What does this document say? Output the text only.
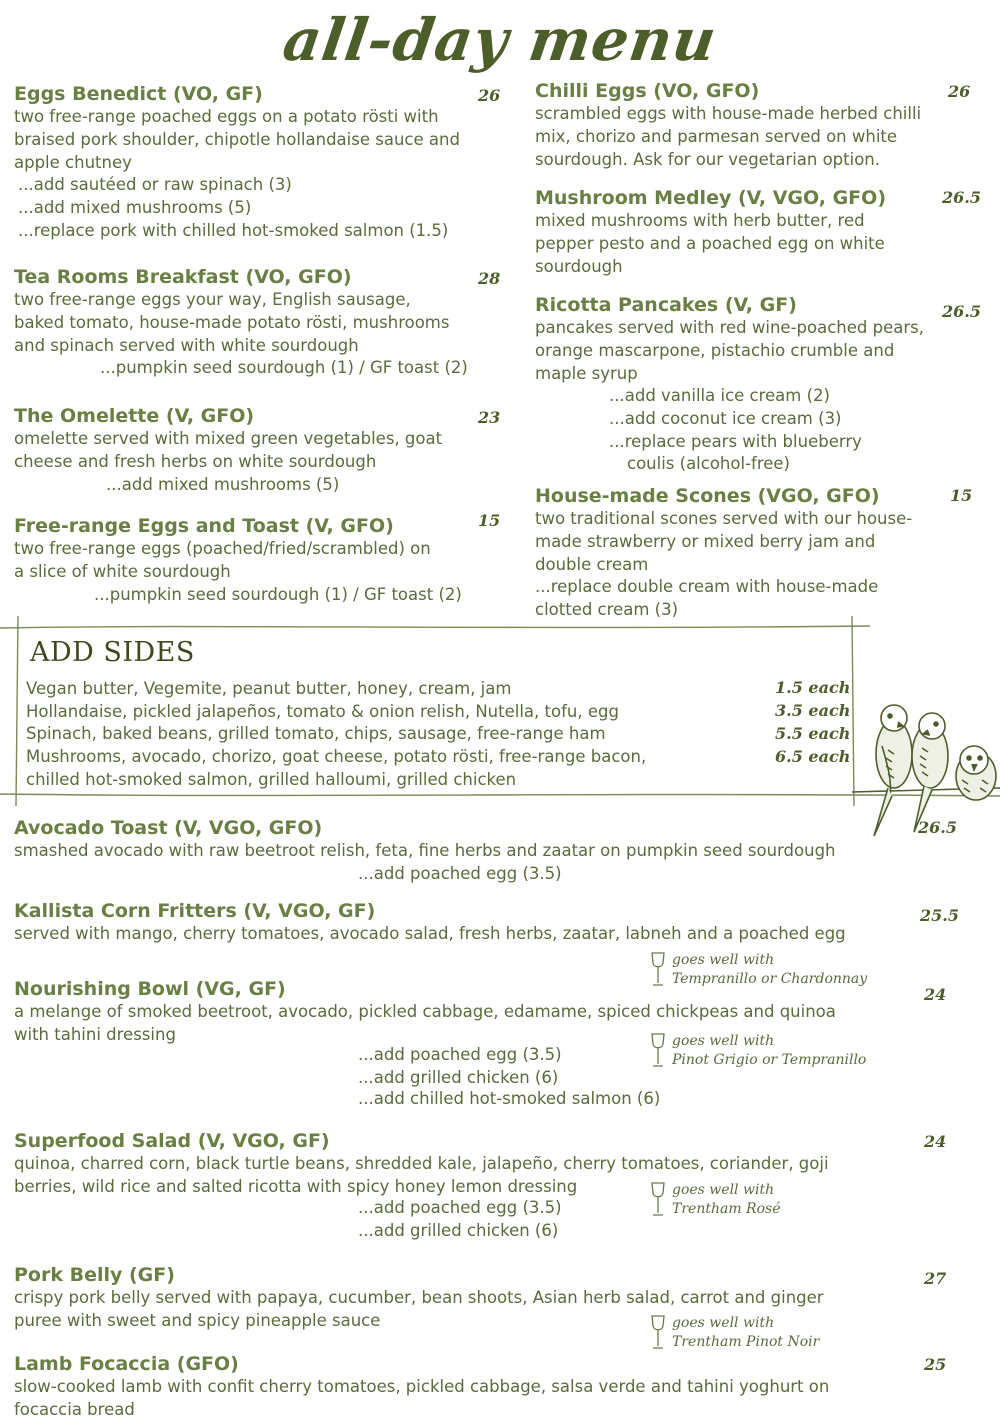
all-day menu
Eggs Benedict (VO, GF)
two free-range poached eggs on a potato rösti with
braised pork shoulder, chipotle hollandaise sauce and
apple chutney
...add sautéed or raw spinach (3)
...add mixed mushrooms (5)
...replace pork with chilled hot-smoked salmon (1.5)
26
Tea Rooms Breakfast (VO, GFO)
two free-range eggs your way, English sausage,
baked tomato, house-made potato rösti, mushrooms
and spinach served with white sourdough
...pumpkin seed sourdough (1) / GF toast (2)
28
The Omelette (V, GFO)
omelette served with mixed green vegetables, goat
cheese and fresh herbs on white sourdough
...add mixed mushrooms (5)
23
Free-range Eggs and Toast (V, GFO)
two free-range eggs (poached/fried/scrambled) on
a slice of white sourdough
...pumpkin seed sourdough (1) / GF toast (2)
15
Chilli Eggs (VO, GFO)
scrambled eggs with house-made herbed chilli
mix, chorizo and parmesan served on white
sourdough. Ask for our vegetarian option.
26
Mushroom Medley (V, VGO, GFO)
mixed mushrooms with herb butter, red
pepper pesto and a poached egg on white
sourdough
26.5
Ricotta Pancakes (V, GF)
pancakes served with red wine-poached pears,
orange mascarpone, pistachio crumble and
maple syrup
...add vanilla ice cream (2)
...add coconut ice cream (3)
...replace pears with blueberry
coulis (alcohol-free)
26.5
House-made Scones (VGO, GFO)
two traditional scones served with our house-
made strawberry or mixed berry jam and
double cream
...replace double cream with house-made
clotted cream (3)
15
ADD SIDES
Vegan butter, Vegemite, peanut butter, honey, cream, jam
Hollandaise, pickled jalapeños, tomato & onion relish, Nutella, tofu, egg
Spinach, baked beans, grilled tomato, chips, sausage, free-range ham
Mushrooms, avocado, chorizo, goat cheese, potato rösti, free-range bacon,
chilled hot-smoked salmon, grilled halloumi, grilled chicken
1.5 each
3.5 each
5.5 each
6.5 each
Avocado Toast (V, VGO, GFO)
smashed avocado with raw beetroot relish, feta, fine herbs and zaatar on pumpkin seed sourdough
...add poached egg (3.5)
26.5
Kallista Corn Fritters (V, VGO, GF)
served with mango, cherry tomatoes, avocado salad, fresh herbs, zaatar, labneh and a poached egg
25.5
goes well with
Tempranillo or Chardonnay
Nourishing Bowl (VG, GF)
a melange of smoked beetroot, avocado, pickled cabbage, edamame, spiced chickpeas and quinoa
with tahini dressing
...add poached egg (3.5)
...add grilled chicken (6)
...add chilled hot-smoked salmon (6)
24
goes well with
Pinot Grigio or Tempranillo
Superfood Salad (V, VGO, GF)
quinoa, charred corn, black turtle beans, shredded kale, jalapeño, cherry tomatoes, coriander, goji
berries, wild rice and salted ricotta with spicy honey lemon dressing
...add poached egg (3.5)
...add grilled chicken (6)
24
goes well with
Trentham Rosé
Pork Belly (GF)
crispy pork belly served with papaya, cucumber, bean shoots, Asian herb salad, carrot and ginger
puree with sweet and spicy pineapple sauce
27
goes well with
Trentham Pinot Noir
Lamb Focaccia (GFO)
slow-cooked lamb with confit cherry tomatoes, pickled cabbage, salsa verde and tahini yoghurt on
focaccia bread
25
